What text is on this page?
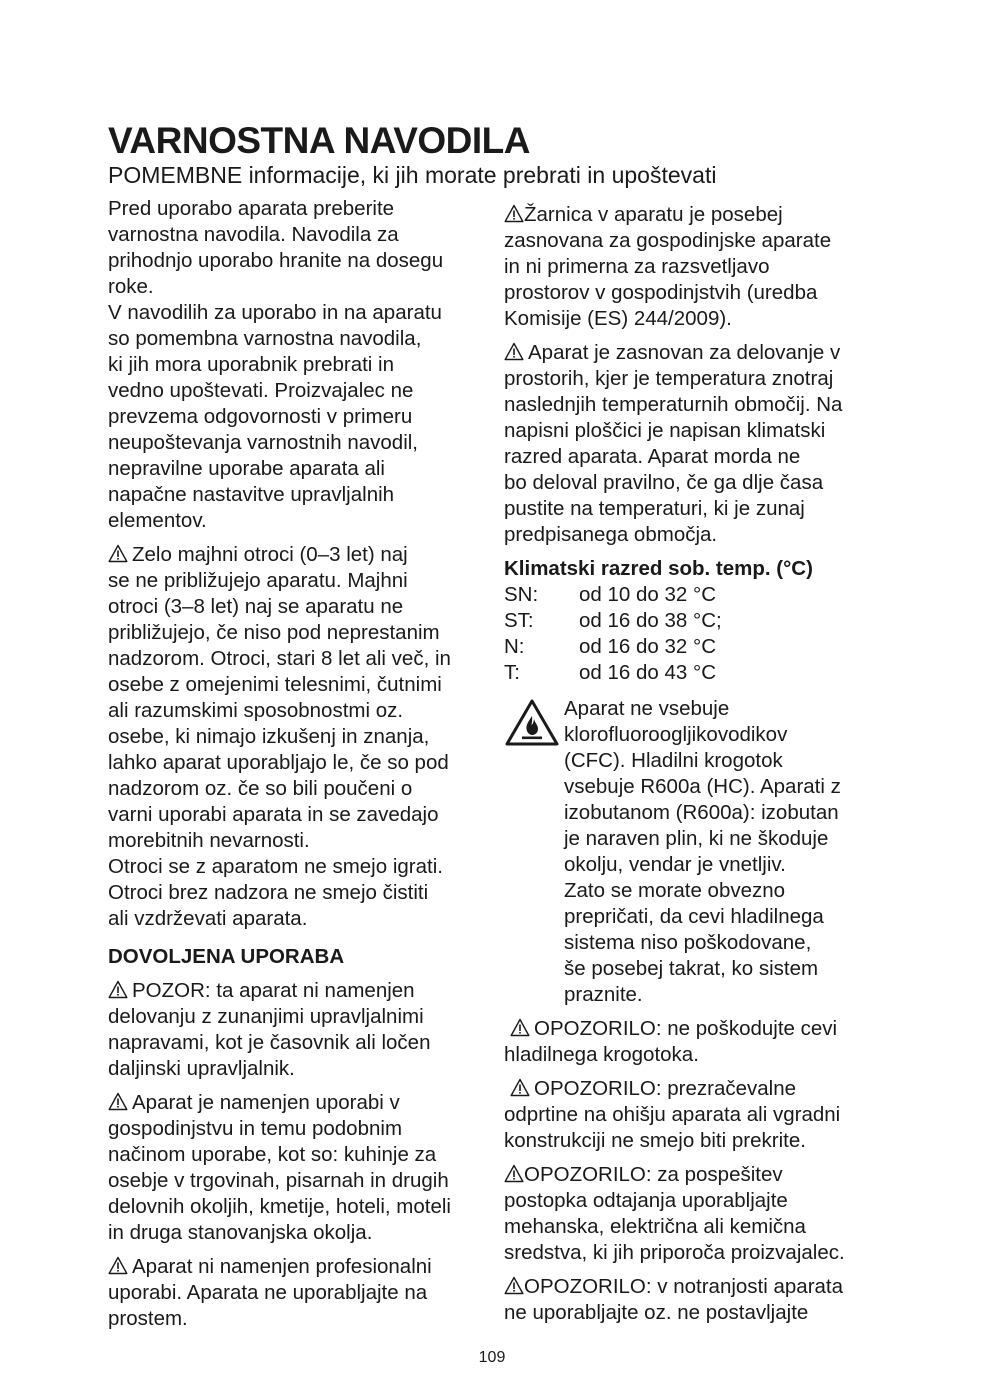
VARNOSTNA NAVODILA
POMEMBNE informacije, ki jih morate prebrati in upoštevati

Pred uporabo aparata preberite
varnostna navodila. Navodila za
prihodnjo uporabo hranite na dosegu
roke.
V navodilih za uporabo in na aparatu
so pomembna varnostna navodila,
ki jih mora uporabnik prebrati in
vedno upoštevati. Proizvajalec ne
prevzema odgovornosti v primeru
neupoštevanja varnostnih navodil,
nepravilne uporabe aparata ali
napačne nastavitve upravljalnih
elementov.

Zelo majhni otroci (0–3 let) naj
se ne približujejo aparatu. Majhni
otroci (3–8 let) naj se aparatu ne
približujejo, če niso pod neprestanim
nadzorom. Otroci, stari 8 let ali več, in
osebe z omejenimi telesnimi, čutnimi
ali razumskimi sposobnostmi oz.
osebe, ki nimajo izkušenj in znanja,
lahko aparat uporabljajo le, če so pod
nadzorom oz. če so bili poučeni o
varni uporabi aparata in se zavedajo
morebitnih nevarnosti.
Otroci se z aparatom ne smejo igrati.
Otroci brez nadzora ne smejo čistiti
ali vzdrževati aparata.

DOVOLJENA UPORABA

POZOR: ta aparat ni namenjen
delovanju z zunanjimi upravljalnimi
napravami, kot je časovnik ali ločen
daljinski upravljalnik.

Aparat je namenjen uporabi v
gospodinjstvu in temu podobnim
načinom uporabe, kot so: kuhinje za
osebje v trgovinah, pisarnah in drugih
delovnih okoljih, kmetije, hoteli, moteli
in druga stanovanjska okolja.

Aparat ni namenjen profesionalni
uporabi. Aparata ne uporabljajte na
prostem.

Žarnica v aparatu je posebej
zasnovana za gospodinjske aparate
in ni primerna za razsvetljavo
prostorov v gospodinjstvih (uredba
Komisije (ES) 244/2009).

Aparat je zasnovan za delovanje v
prostorih, kjer je temperatura znotraj
naslednjih temperaturnih območij. Na
napisni ploščici je napisan klimatski
razred aparata. Aparat morda ne
bo deloval pravilno, če ga dlje časa
pustite na temperaturi, ki je zunaj
predpisanega območja.

Klimatski razred sob. temp. (°C)
SN:	od 10 do 32 °C
ST:	od 16 do 38 °C;
N:	od 16 do 32 °C
T:	od 16 do 43 °C
Aparat ne vsebuje
klorofluoroogljikovodikov
(CFC). Hladilni krogotok
vsebuje R600a (HC). Aparati z
izobutanom (R600a): izobutan
je naraven plin, ki ne škoduje
okolju, vendar je vnetljiv.
Zato se morate obvezno
prepričati, da cevi hladilnega
sistema niso poškodovane,
še posebej takrat, ko sistem
praznite.

OPOZORILO: ne poškodujte cevi
hladilnega krogotoka.

OPOZORILO: prezračevalne
odprtine na ohišju aparata ali vgradni
konstrukciji ne smejo biti prekrite.

OPOZORILO: za pospešitev
postopka odtajanja uporabljajte
mehanska, električna ali kemična
sredstva, ki jih priporoča proizvajalec.

OPOZORILO: v notranjosti aparata
ne uporabljajte oz. ne postavljajte

109
